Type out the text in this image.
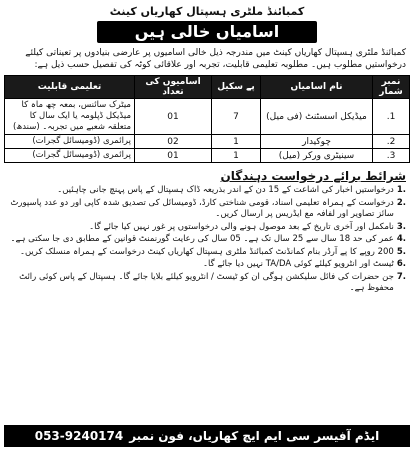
کمبائنڈ ملٹری ہسپتال کھاریاں کینٹ
اسامیاں خالی ہیں
کمبائنڈ ملٹری ہسپتال کھاریاں کینٹ میں مندرجہ ذیل خالی اسامیوں پر عارضی بنیادوں پر تعیناتی کیلئے درخواستیں مطلوب ہیں۔ مطلوبہ تعلیمی قابلیت، تجربہ اور علاقائی کوٹہ کی تفصیل حسب ذیل ہے:
نمبر شمار	نام اسامیاں	پے سکیل	اسامیوں کی تعداد	تعلیمی قابلیت
1.	میڈیکل اسسٹنٹ (فی میل)	7	01	میٹرک سائنس، بمعہ چھ ماہ کا میڈیکل ڈپلومہ یا ایک سال کا متعلقہ شعبے میں تجربہ۔ (سندھ)
2.	چوکیدار	1	02	پرائمری (ڈومیسائل گجرات)
3.	سینیٹری ورکر (میل)	1	01	پرائمری (ڈومیسائل گجرات)
شرائط برائے درخواست دہندگان
1.
درخواستیں اخبار کی اشاعت کے 15 دن کے اندر بذریعہ ڈاک ہسپتال کے پاس پہنچ جانی چاہئیں۔
2.
درخواست کے ہمراہ تعلیمی اسناد، قومی شناختی کارڈ، ڈومیسائل کی تصدیق شدہ کاپی اور دو عدد پاسپورٹ سائز تصاویر اور لفافہ مع ایڈریس پر ارسال کریں۔
3.
نامکمل اور آخری تاریخ کے بعد موصول ہونے والی درخواستوں پر غور نہیں کیا جائے گا۔
4.
عمر کی حد 18 سال سے 25 سال تک ہے۔ 05 سال کی رعایت گورنمنٹ قوانین کے مطابق دی جا سکتی ہے۔
5.
200 روپے کا پے آرڈر بنام کمانڈنٹ کمبائنڈ ملٹری ہسپتال کھاریاں کینٹ درخواست کے ہمراہ منسلک کریں۔
6.
ٹیسٹ اور انٹرویو کیلئے کوئی TA/DA نہیں دیا جائے گا۔
7.
جن حضرات کی فائل سلیکشن ہوگی ان کو ٹیسٹ / انٹرویو کیلئے بلایا جائے گا۔ ہسپتال کے پاس کوئی رائٹ محفوظ ہے۔
ایڈم آفیسر سی ایم ایچ کھاریاں، فون نمبر
053-9240174
